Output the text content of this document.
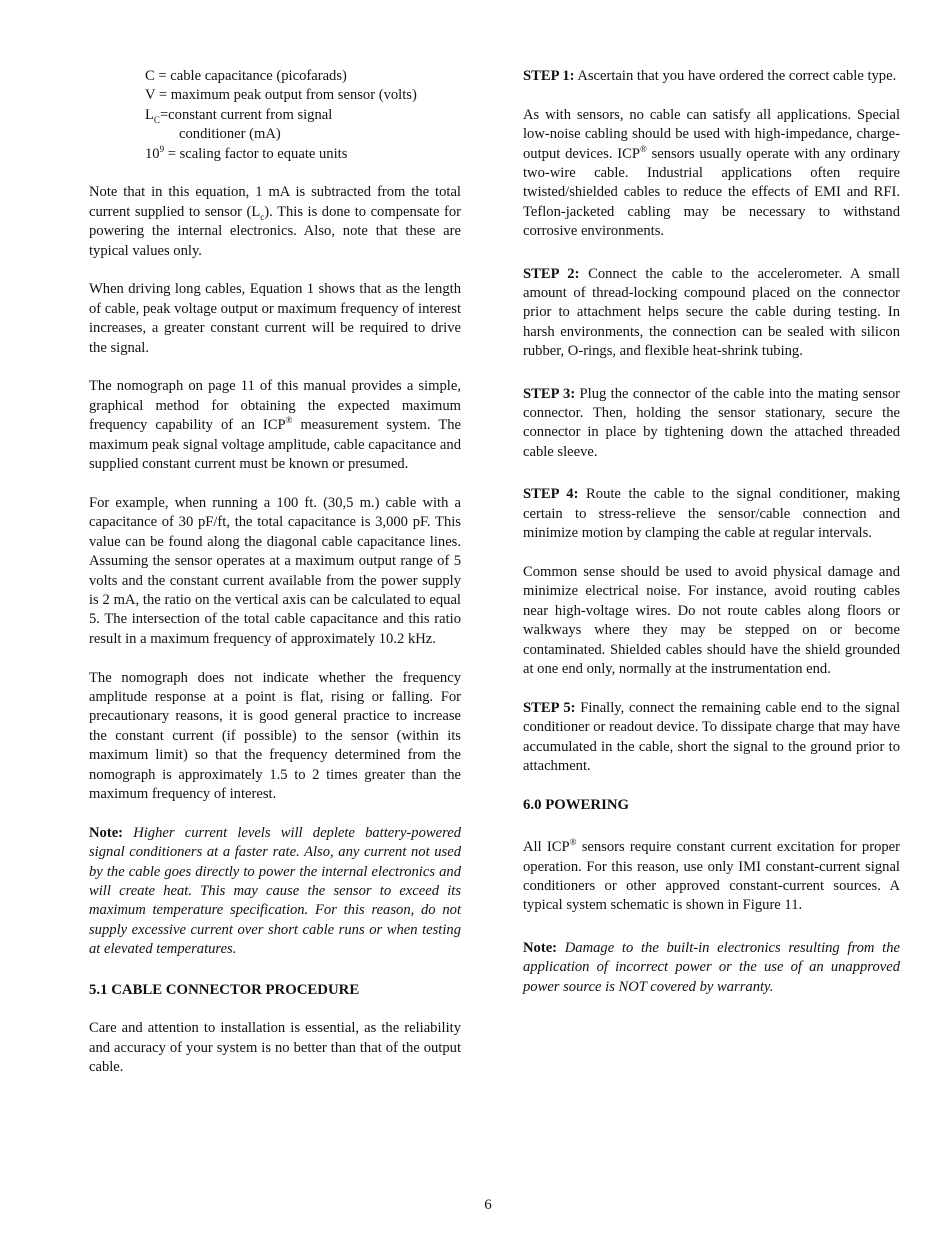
C = cable capacitance (picofarads)
V = maximum peak output from sensor (volts)
$L_C=constant$ current from signal
conditioner (mA)
$10^9$ = scaling factor to equate units

Note that in this equation, 1 mA is subtracted from the total current supplied to sensor $(L_c)$. This is done to compensate for powering the internal electronics. Also, note that these are typical values only.

When driving long cables, Equation 1 shows that as the length of cable, peak voltage output or maximum frequency of interest increases, a greater constant current will be required to drive the signal.

The nomograph on page 11 of this manual provides a simple, graphical method for obtaining the expected maximum frequency capability of an ICP® measurement system. The maximum peak signal voltage amplitude, cable capacitance and supplied constant current must be known or presumed.

For example, when running a 100 ft. (30,5 m.) cable with a capacitance of 30 pF/ft, the total capacitance is 3,000 pF. This value can be found along the diagonal cable capacitance lines. Assuming the sensor operates at a maximum output range of 5 volts and the constant current available from the power supply is 2 mA, the ratio on the vertical axis can be calculated to equal 5. The intersection of the total cable capacitance and this ratio result in a maximum frequency of approximately 10.2 kHz.

The nomograph does not indicate whether the frequency amplitude response at a point is flat, rising or falling. For precautionary reasons, it is good general practice to increase the constant current (if possible) to the sensor (within its maximum limit) so that the frequency determined from the nomograph is approximately 1.5 to 2 times greater than the maximum frequency of interest.

Note: Higher current levels will deplete battery-powered signal conditioners at a faster rate. Also, any current not used by the cable goes directly to power the internal electronics and will create heat. This may cause the sensor to exceed its maximum temperature specification. For this reason, do not supply excessive current over short cable runs or when testing at elevated temperatures.

5.1 CABLE CONNECTOR PROCEDURE

Care and attention to installation is essential, as the reliability and accuracy of your system is no better than that of the output cable.

STEP 1: Ascertain that you have ordered the correct cable type.

As with sensors, no cable can satisfy all applications. Special low-noise cabling should be used with high-impedance, charge-output devices. ICP® sensors usually operate with any ordinary two-wire cable. Industrial applications often require twisted/shielded cables to reduce the effects of EMI and RFI. Teflon-jacketed cabling may be necessary to withstand corrosive environments.

STEP 2: Connect the cable to the accelerometer. A small amount of thread-locking compound placed on the connector prior to attachment helps secure the cable during testing. In harsh environments, the connection can be sealed with silicon rubber, O-rings, and flexible heat-shrink tubing.

STEP 3: Plug the connector of the cable into the mating sensor connector. Then, holding the sensor stationary, secure the connector in place by tightening down the attached threaded cable sleeve.

STEP 4: Route the cable to the signal conditioner, making certain to stress-relieve the sensor/cable connection and minimize motion by clamping the cable at regular intervals.

Common sense should be used to avoid physical damage and minimize electrical noise. For instance, avoid routing cables near high-voltage wires. Do not route cables along floors or walkways where they may be stepped on or become contaminated. Shielded cables should have the shield grounded at one end only, normally at the instrumentation end.

STEP 5: Finally, connect the remaining cable end to the signal conditioner or readout device. To dissipate charge that may have accumulated in the cable, short the signal to the ground prior to attachment.

6.0 POWERING

All ICP® sensors require constant current excitation for proper operation. For this reason, use only IMI constant-current signal conditioners or other approved constant-current sources. A typical system schematic is shown in Figure 11.

Note: Damage to the built-in electronics resulting from the application of incorrect power or the use of an unapproved power source is NOT covered by warranty.

6
